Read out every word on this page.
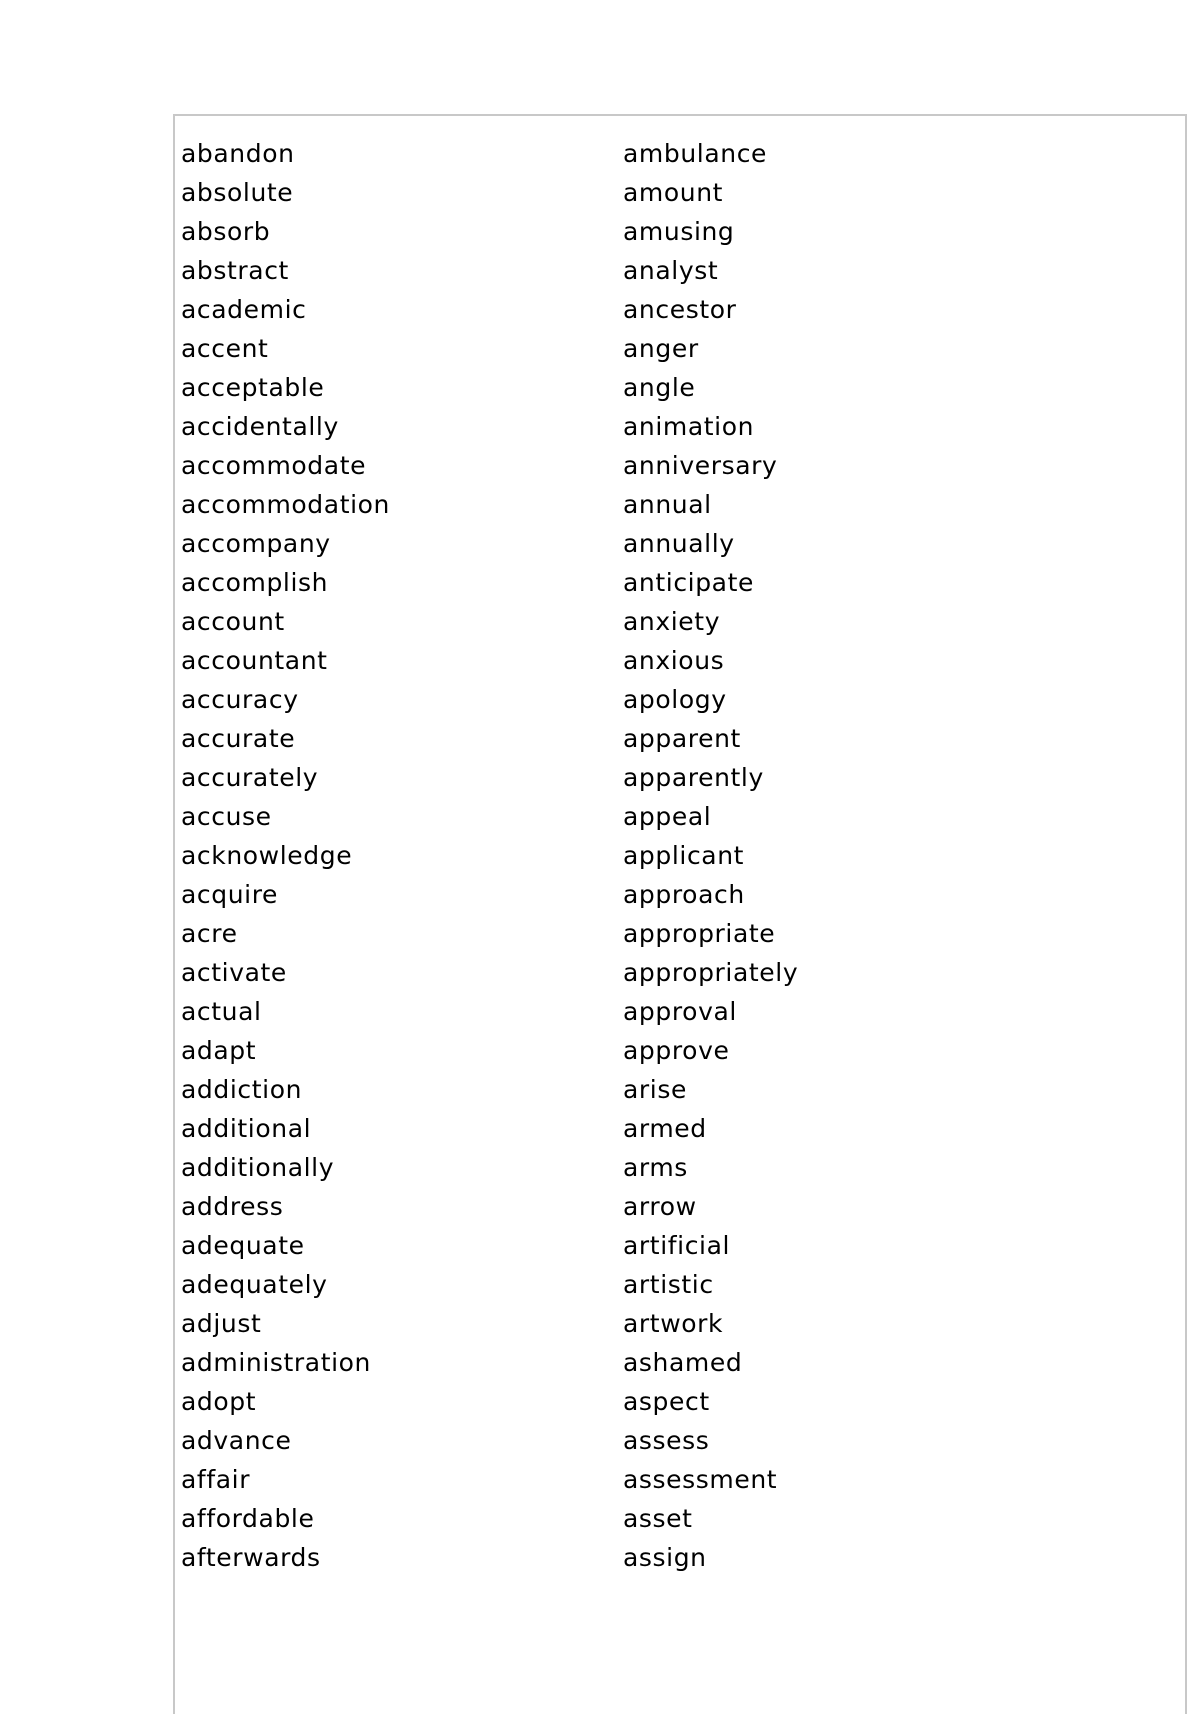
abandon
absolute
absorb
abstract
academic
accent
acceptable
accidentally
accommodate
accommodation
accompany
accomplish
account
accountant
accuracy
accurate
accurately
accuse
acknowledge
acquire
acre
activate
actual
adapt
addiction
additional
additionally
address
adequate
adequately
adjust
administration
adopt
advance
affair
affordable
afterwards
ambulance
amount
amusing
analyst
ancestor
anger
angle
animation
anniversary
annual
annually
anticipate
anxiety
anxious
apology
apparent
apparently
appeal
applicant
approach
appropriate
appropriately
approval
approve
arise
armed
arms
arrow
artificial
artistic
artwork
ashamed
aspect
assess
assessment
asset
assign
